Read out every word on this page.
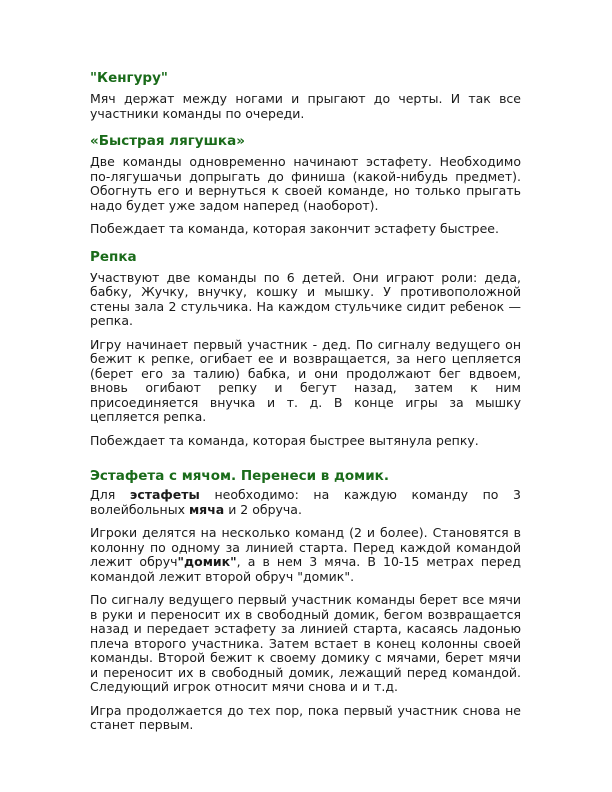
"Кенгуру"

Мяч держат между ногами и прыгают до черты. И так все участники команды по очереди.

«Быстрая лягушка»

Две команды одновременно начинают эстафету. Необходимо по-лягушачьи допрыгать до финиша (какой-нибудь предмет). Обогнуть его и вернуться к своей команде, но только прыгать надо будет уже задом наперед (наоборот).

Побеждает та команда, которая закончит эстафету быстрее.

Репка

Участвуют две команды по 6 детей. Они играют роли: деда, бабку, Жучку, внучку, кошку и мышку. У противоположной стены зала 2 стульчика. На каждом стульчике сидит ребенок — репка.

Игру начинает первый участник - дед. По сигналу ведущего он бежит к репке, огибает ее и возвращается, за него цепляется (берет его за талию) бабка, и они продолжают бег вдвоем, вновь огибают репку и бегут назад, затем к ним присоединяется внучка и т. д. В конце игры за мышку цепляется репка.

Побеждает та команда, которая быстрее вытянула репку.

Эстафета с мячом. Перенеси в домик.

Для эстафеты необходимо: на каждую команду по 3 волейбольных мяча и 2 обруча.

Игроки делятся на несколько команд (2 и более). Становятся в колонну по одному за линией старта. Перед каждой командой лежит обруч"домик", а в нем 3 мяча. В 10-15 метрах перед командой лежит второй обруч "домик".

По сигналу ведущего первый участник команды берет все мячи в руки и переносит их в свободный домик, бегом возвращается назад и передает эстафету за линией старта, касаясь ладонью плеча второго участника. Затем встает в конец колонны своей команды. Второй бежит к своему домику с мячами, берет мячи и переносит их в свободный домик, лежащий перед командой. Следующий игрок относит мячи снова и и т.д.

Игра продолжается до тех пор, пока первый участник снова не станет первым.
